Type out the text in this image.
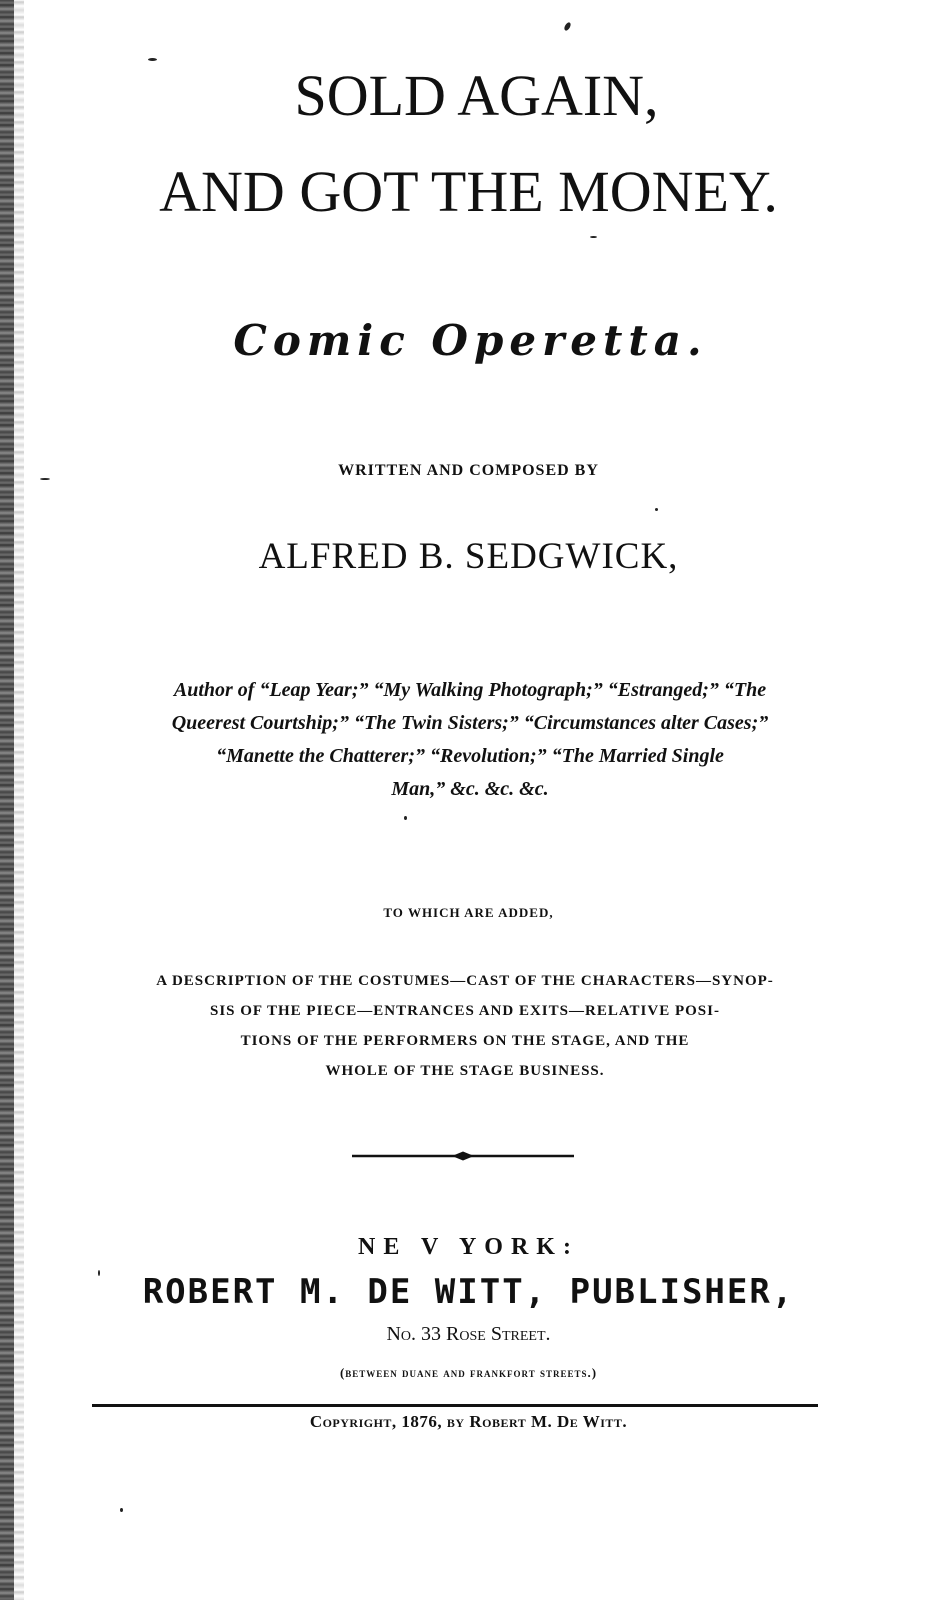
SOLD AGAIN,
AND GOT THE MONEY.
Comic Operetta.
WRITTEN AND COMPOSED BY
ALFRED B. SEDGWICK,
Author of “Leap Year;” “My Walking Photograph;” “Estranged;” “The
Queerest Courtship;” “The Twin Sisters;” “Circumstances alter Cases;”
“Manette the Chatterer;” “Revolution;” “The Married Single
Man,” &c. &c. &c.
TO WHICH ARE ADDED,
A DESCRIPTION OF THE COSTUMES—CAST OF THE CHARACTERS—SYNOP-
SIS OF THE PIECE—ENTRANCES AND EXITS—RELATIVE POSI-
TIONS OF THE PERFORMERS ON THE STAGE, AND THE
WHOLE OF THE STAGE BUSINESS.
NE V YORK:
ROBERT M. DE WITT, PUBLISHER,
No. 33 Rose Street.
(between duane and frankfort streets.)
Copyright, 1876, by Robert M. De Witt.
